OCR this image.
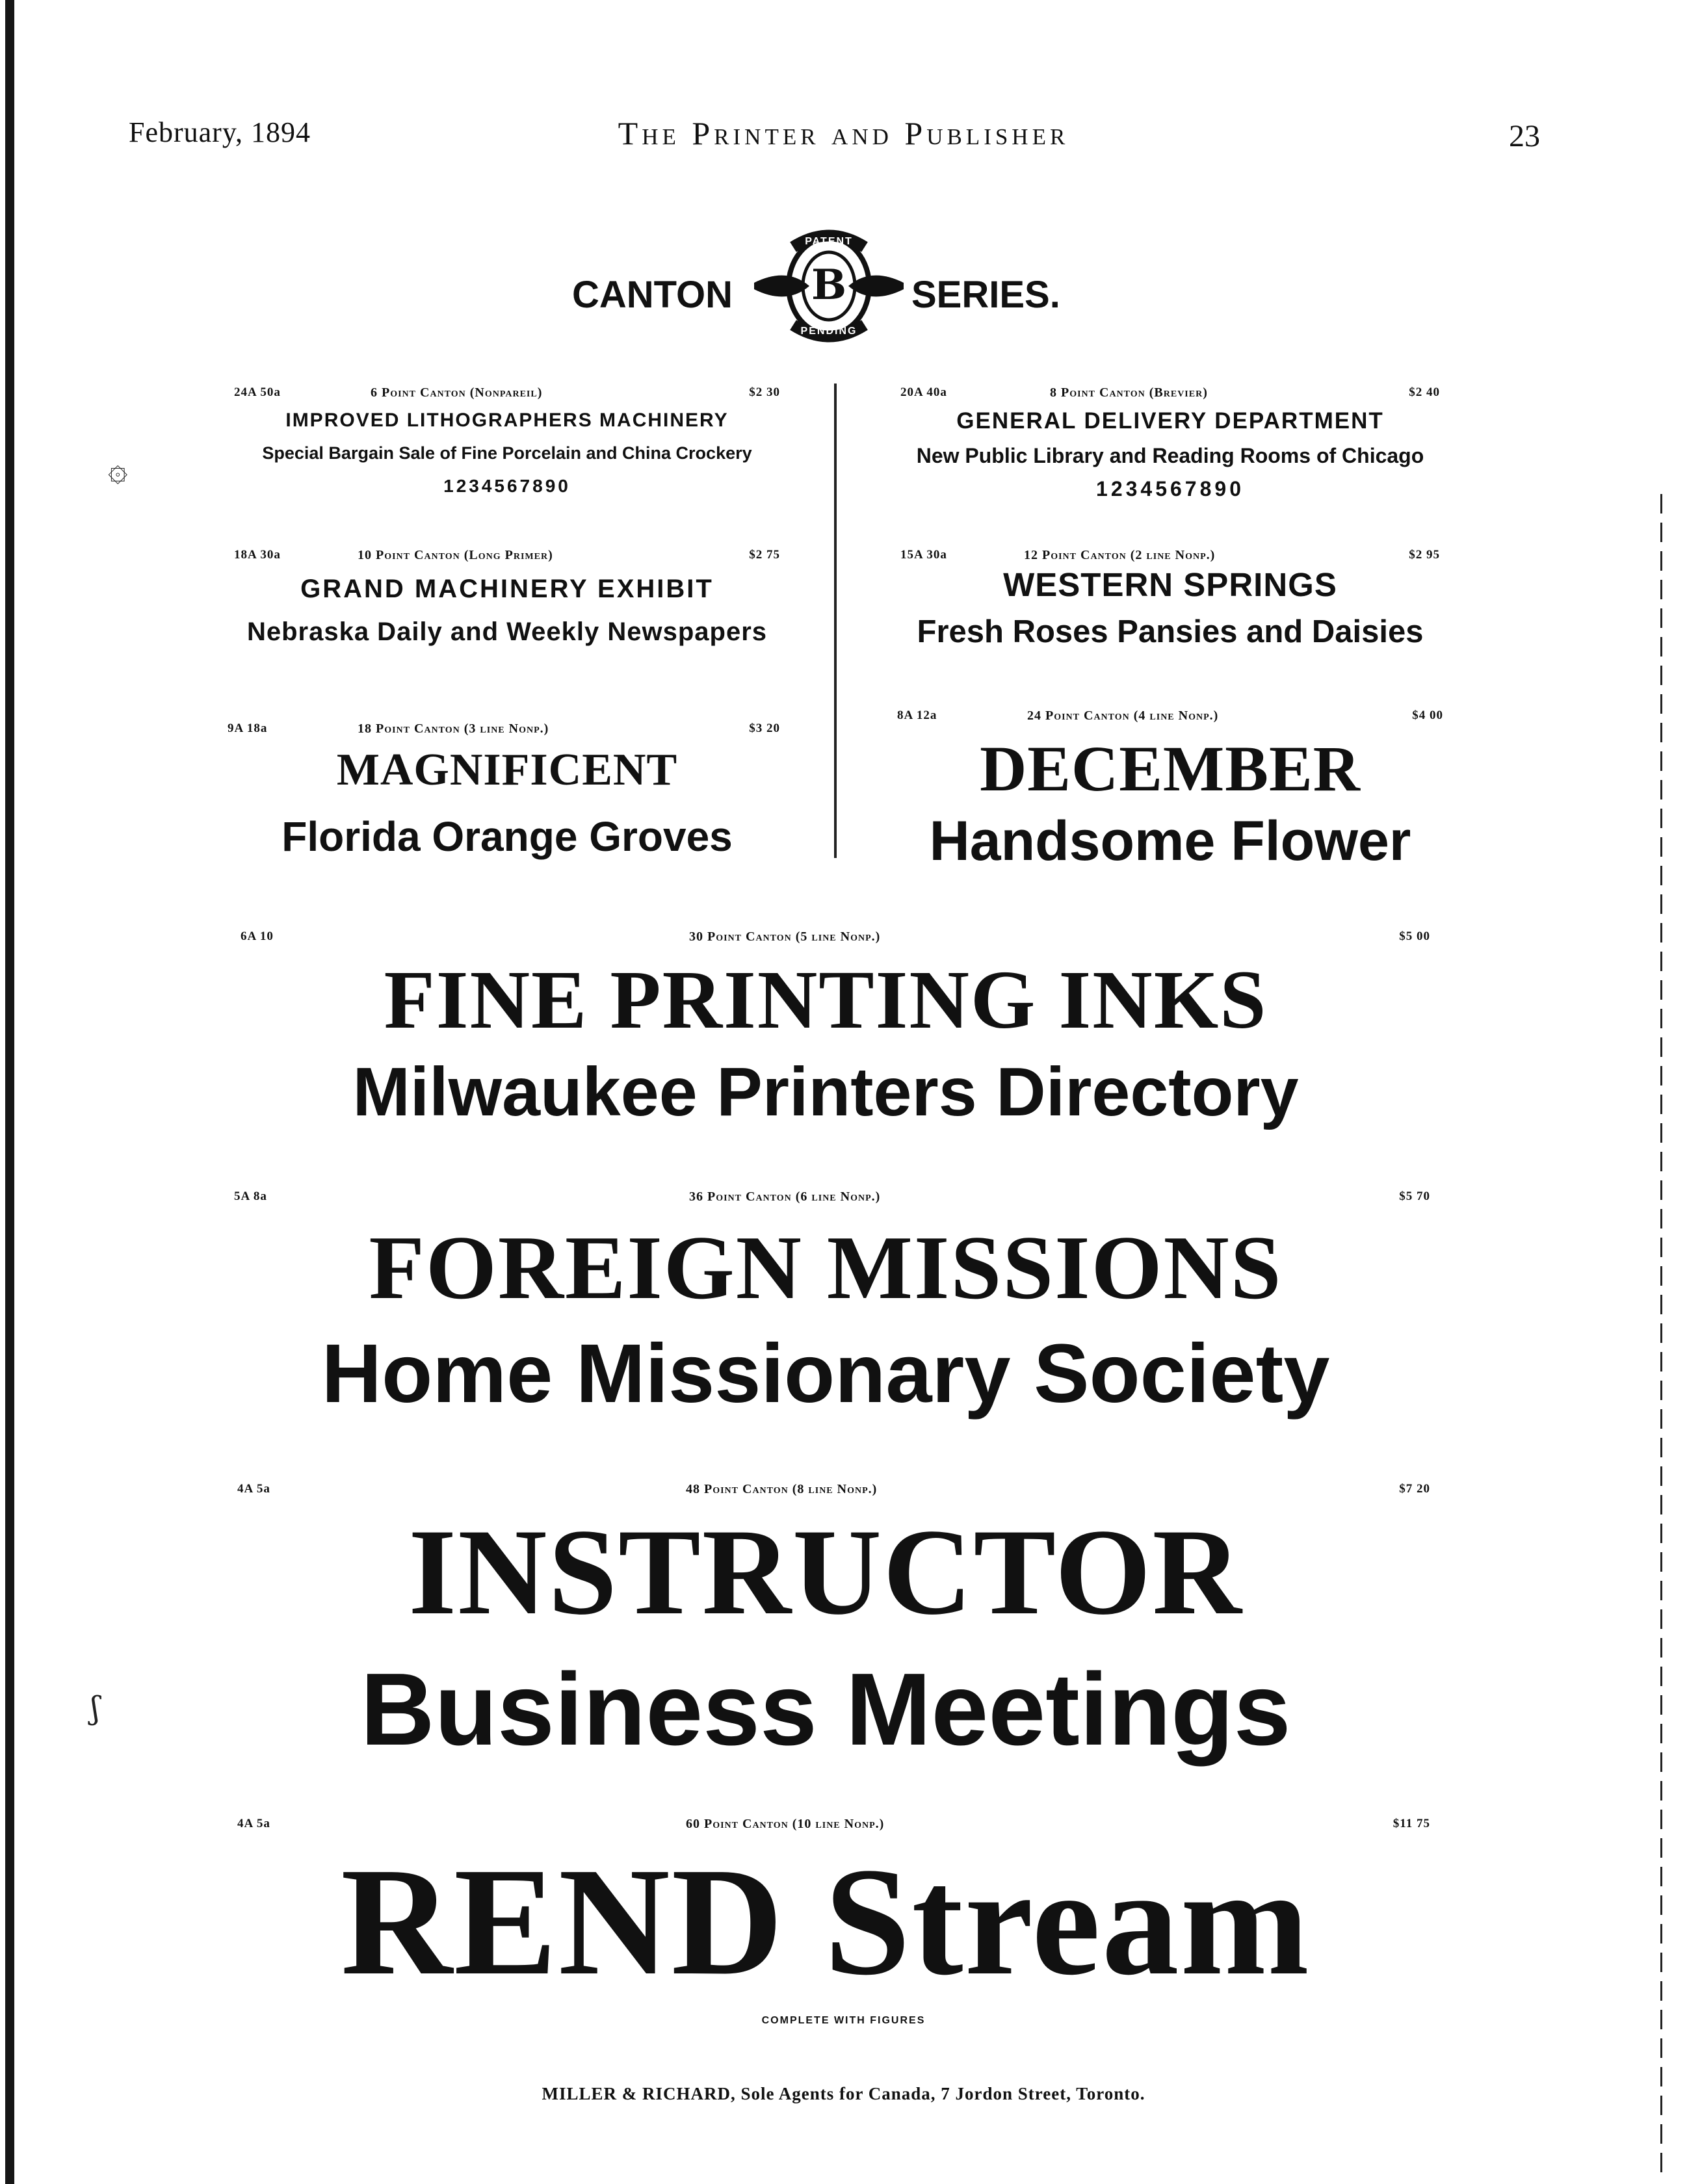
February, 1894	The Printer and Publisher	23
CANTON B
PATENT
PENDING
SERIES.
24A 50a	6 Point Canton (Nonpareil)	$2 30
IMPROVED LITHOGRAPHERS MACHINERY
Special Bargain Sale of Fine Porcelain and China Crockery
1234567890
20A 40a	8 Point Canton (Brevier)	$2 40
GENERAL DELIVERY DEPARTMENT
New Public Library and Reading Rooms of Chicago
1234567890
18A 30a	10 Point Canton (Long Primer)	$2 75
GRAND MACHINERY EXHIBIT
Nebraska Daily and Weekly Newspapers
15A 30a	12 Point Canton (2 line Nonp.)	$2 95
WESTERN SPRINGS
Fresh Roses Pansies and Daisies
9A 18a	18 Point Canton (3 line Nonp.)	$3 20
MAGNIFICENT
Florida Orange Groves
8A 12a	24 Point Canton (4 line Nonp.)	$4 00
DECEMBER
Handsome Flower
6A 10	30 Point Canton (5 line Nonp.)	$5 00
FINE PRINTING INKS
Milwaukee Printers Directory
5A 8a	36 Point Canton (6 line Nonp.)	$5 70
FOREIGN MISSIONS
Home Missionary Society
4A 5a	48 Point Canton (8 line Nonp.)	$7 20
INSTRUCTOR
Business Meetings
4A 5a	60 Point Canton (10 line Nonp.)	$11 75
REND Stream
COMPLETE WITH FIGURES
MILLER & RICHARD, Sole Agents for Canada, 7 Jordon Street, Toronto.
۞
ʃ
